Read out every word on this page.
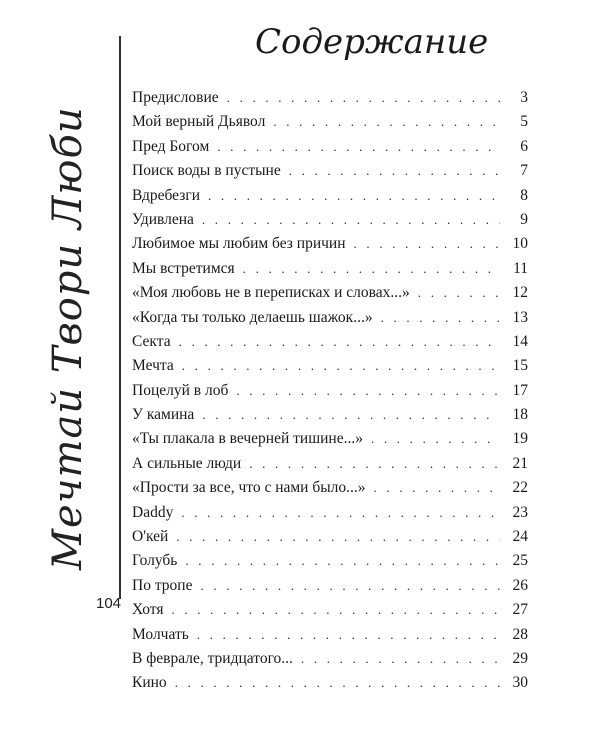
Мечтай Твори Люби
104
Содержание
Предисловие . . .	3
Мой верный Дьявол . . .	5
Пред Богом . . .	6
Поиск воды в пустыне . . .	7
Вдребезги . . .	8
Удивлена . . .	9
Любимое мы любим без причин . . .	10
Мы встретимся . . .	11
«Моя любовь не в переписках и словах...» . . .	12
«Когда ты только делаешь шажок...» . . .	13
Секта . . .	14
Мечта . . .	15
Поцелуй в лоб . . .	17
У камина . . .	18
«Ты плакала в вечерней тишине...» . . .	19
А сильные люди . . .	21
«Прости за все, что с нами было...» . . .	22
Daddy . . .	23
О'кей . . .	24
Голубь . . .	25
По тропе . . .	26
Хотя . . .	27
Молчать . . .	28
В феврале, тридцатого... . . .	29
Кино . . .	30
